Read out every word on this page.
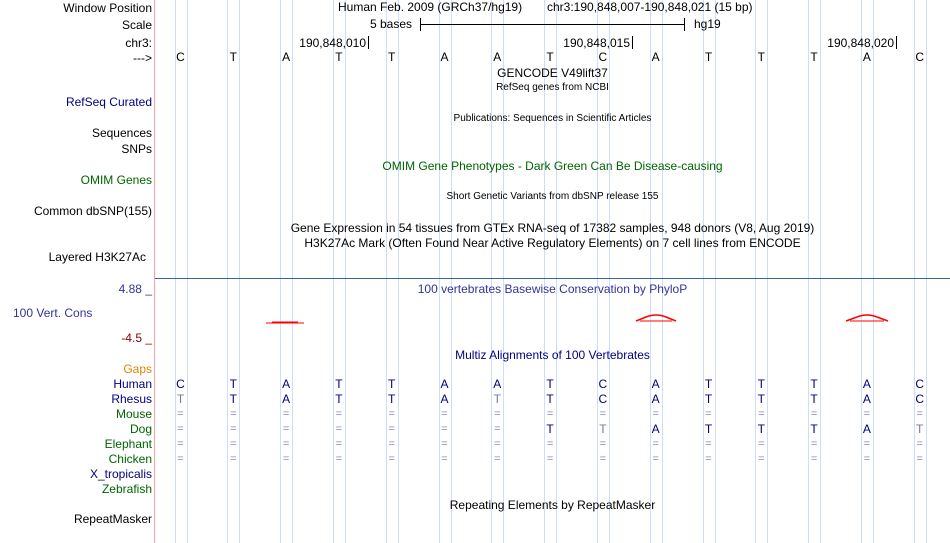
Window Position
Scale
chr3:
--->
Human Feb. 2009 (GRCh37/hg19) chr3:190,848,007-190,848,021 (15 bp)
5 bases	hg19
190,848,010	190,848,015	190,848,020
C	T	A	T	T	A	A	T	C	A	T	T	T	A	C
GENCODE V49lift37
RefSeq genes from NCBI
RefSeq Curated
Publications: Sequences in Scientific Articles
Sequences
SNPs
OMIM Gene Phenotypes - Dark Green Can Be Disease-causing
OMIM Genes
Short Genetic Variants from dbSNP release 155
Common dbSNP(155)
Gene Expression in 54 tissues from GTEx RNA-seq of 17382 samples, 948 donors (V8, Aug 2019)
H3K27Ac Mark (Often Found Near Active Regulatory Elements) on 7 cell lines from ENCODE
Layered H3K27Ac
4.88 _	100 vertebrates Basewise Conservation by PhyloP
100 Vert. Cons
-4.5 _
Multiz Alignments of 100 Vertebrates
Gaps
Human	C	T	A	T	T	A	A	T	C	A	T	T	T	A	C
Rhesus	T	T	A	T	T	A	T	T	C	A	T	T	T	A	C
Mouse	=	=	=	=	=	=	=	=	=	=	=	=	=	=	=
Dog	=	=	=	=	=	=	=	T	T	A	T	T	T	A	T
Elephant	=	=	=	=	=	=	=	=	=	=	=	=	=	=	=
Chicken	=	=	=	=	=	=	=	=	=	=	=	=	=	=	=
X_tropicalis
Zebrafish
Repeating Elements by RepeatMasker
RepeatMasker
